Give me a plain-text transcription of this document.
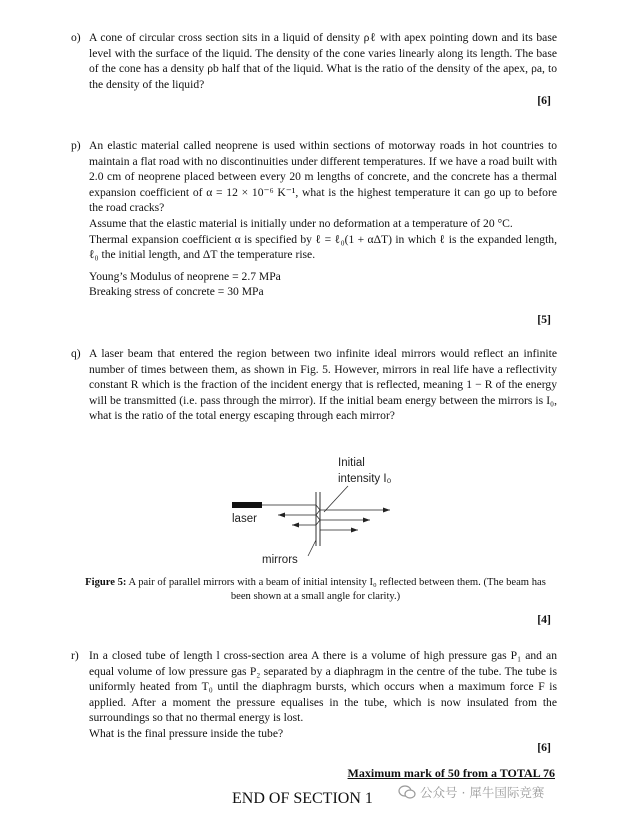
o) A cone of circular cross section sits in a liquid of density ρℓ with apex pointing down and its base level with the surface of the liquid. The density of the cone varies linearly along its length. The base of the cone has a density ρb half that of the liquid. What is the ratio of the density of the apex, ρa, to the density of the liquid?

[6]
p) An elastic material called neoprene is used within sections of motorway roads in hot countries to maintain a flat road with no discontinuities under different temperatures. If we have a road built with 2.0 cm of neoprene placed between every 20 m lengths of concrete, and the concrete has a thermal expansion coefficient of α = 12 × 10⁻⁶ K⁻¹, what is the highest temperature it can go up to before the road cracks?

Assume that the elastic material is initially under no deformation at a temperature of 20 °C.

Thermal expansion coefficient α is specified by ℓ = ℓ₀(1 + αΔT) in which ℓ is the expanded length, ℓ₀ the initial length, and ΔT the temperature rise.

Young’s Modulus of neoprene = 2.7 MPa

Breaking stress of concrete = 30 MPa

[5]
q) A laser beam that entered the region between two infinite ideal mirrors would reflect an infinite number of times between them, as shown in Fig. 5. However, mirrors in real life have a reflectivity constant R which is the fraction of the incident energy that is reflected, meaning 1 − R of the energy will be transmitted (i.e. pass through the mirror). If the initial beam energy between the mirrors is I₀, what is the ratio of the total energy escaping through each mirror?

Initial
intensity I₀
laser
mirrors
Figure 5: A pair of parallel mirrors with a beam of initial intensity I₀ reflected between them. (The beam has been shown at a small angle for clarity.)
[4]
r) In a closed tube of length l cross-section area A there is a volume of high pressure gas P₁ and an equal volume of low pressure gas P₂ separated by a diaphragm in the centre of the tube. The tube is uniformly heated from T₀ until the diaphragm bursts, which occurs when a maximum force F is applied. After a moment the pressure equalises in the tube, which is now insulated from the surroundings so that no thermal energy is lost.

What is the final pressure inside the tube?

[6]
Maximum mark of 50 from a TOTAL 76
END OF SECTION 1	公众号 · 犀牛国际竞赛
